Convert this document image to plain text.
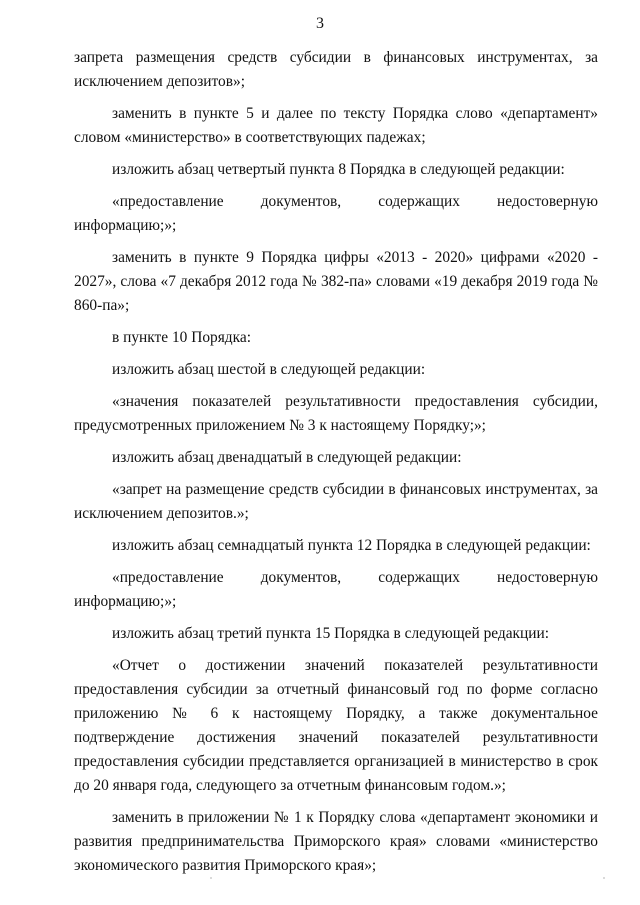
3

запрета размещения средств субсидии в финансовых инструментах, за исключением депозитов»;

заменить в пункте 5 и далее по тексту Порядка слово «департамент» словом «министерство» в соответствующих падежах;

изложить абзац четвертый пункта 8 Порядка в следующей редакции:

«предоставление документов, содержащих недостоверную информацию;»;

заменить в пункте 9 Порядка цифры «2013 - 2020» цифрами «2020 - 2027», слова «7 декабря 2012 года № 382-па» словами «19 декабря 2019 года № 860-па»;

в пункте 10 Порядка:

изложить абзац шестой в следующей редакции:

«значения показателей результативности предоставления субсидии, предусмотренных приложением № 3 к настоящему Порядку;»;

изложить абзац двенадцатый в следующей редакции:

«запрет на размещение средств субсидии в финансовых инструментах, за исключением депозитов.»;

изложить абзац семнадцатый пункта 12 Порядка в следующей редакции:

«предоставление документов, содержащих недостоверную информацию;»;

изложить абзац третий пункта 15 Порядка в следующей редакции:

«Отчет о достижении значений показателей результативности предоставления субсидии за отчетный финансовый год по форме согласно приложению № 6 к настоящему Порядку, а также документальное подтверждение достижения значений показателей результативности предоставления субсидии представляется организацией в министерство в срок до 20 января года, следующего за отчетным финансовым годом.»;

заменить в приложении № 1 к Порядку слова «департамент экономики и развития предпринимательства Приморского края» словами «министерство экономического развития Приморского края»;
